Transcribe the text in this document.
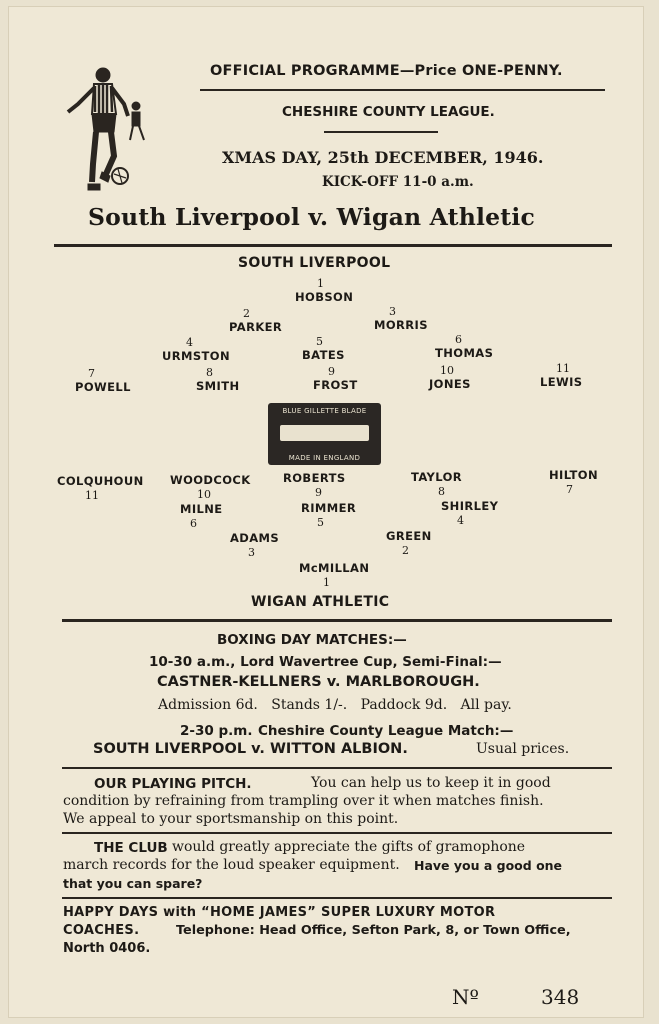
OFFICIAL PROGRAMME—Price ONE-PENNY.
CHESHIRE COUNTY LEAGUE.
XMAS DAY, 25th DECEMBER, 1946.
KICK-OFF 11-0 a.m.
South Liverpool v. Wigan Athletic
SOUTH LIVERPOOL
1
HOBSON
2
PARKER
3
MORRIS
4
URMSTON
5
BATES
6
THOMAS
7
POWELL
8
SMITH
9
FROST
10
JONES
11
LEWIS
BLUE GILLETTE BLADE
MADE IN ENGLAND
COLQUHOUN
11
WOODCOCK
10
ROBERTS
9
TAYLOR
8
HILTON
7
MILNE
6
RIMMER
5
SHIRLEY
4
ADAMS
3
GREEN
2
McMILLAN
1
WIGAN ATHLETIC
BOXING DAY MATCHES:—
10-30 a.m., Lord Wavertree Cup, Semi-Final:—
CASTNER-KELLNERS v. MARLBOROUGH.
Admission 6d.   Stands 1/-.   Paddock 9d.   All pay.
2-30 p.m. Cheshire County League Match:—
SOUTH LIVERPOOL v. WITTON ALBION.	Usual prices.
OUR PLAYING PITCH.	You can help us to keep it in good
condition by refraining from trampling over it when matches finish.
We appeal to your sportsmanship on this point.
THE CLUB would greatly appreciate the gifts of gramophone
march records for the loud speaker equipment. Have you a good one
that you can spare?
HAPPY DAYS with “HOME JAMES” SUPER LUXURY MOTOR
COACHES.	Telephone: Head Office, Sefton Park, 8, or Town Office,
North 0406.
Nº	348
